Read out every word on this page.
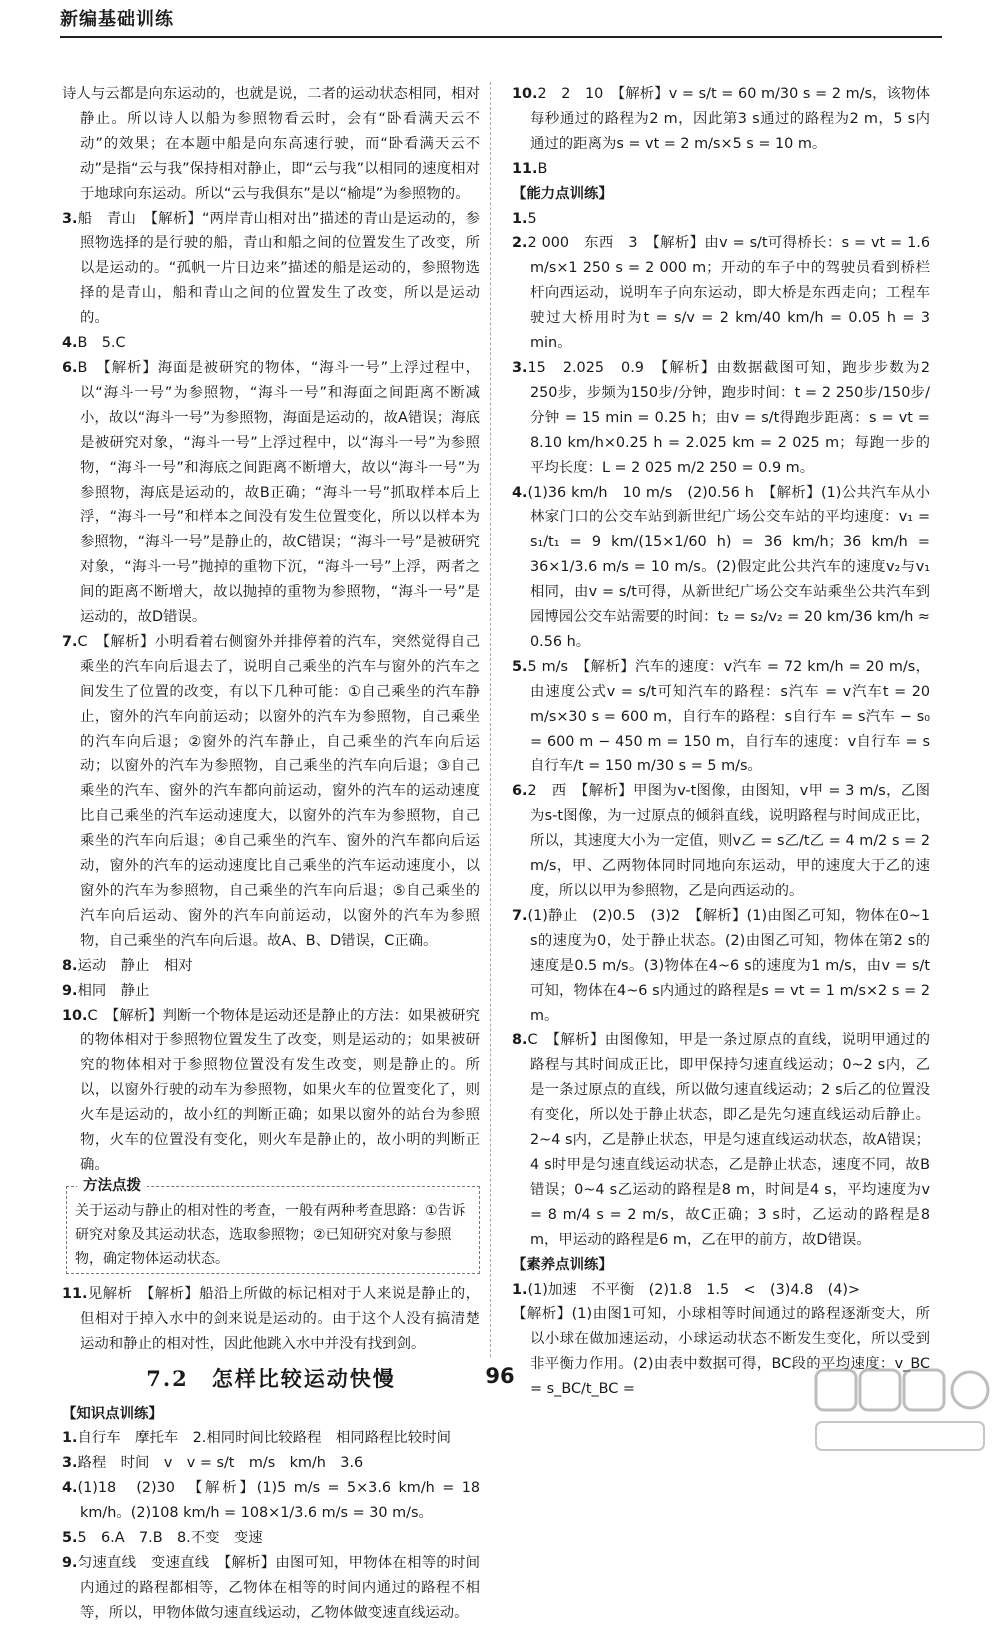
新编基础训练

诗人与云都是向东运动的，也就是说，二者的运动状态相同，相对静止。所以诗人以船为参照物看云时，会有“卧看满天云不动”的效果；在本题中船是向东高速行驶，而“卧看满天云不动”是指“云与我”保持相对静止，即“云与我”以相同的速度相对于地球向东运动。所以“云与我俱东”是以“榆堤”为参照物的。

3.船　青山　【解析】“两岸青山相对出”描述的青山是运动的，参照物选择的是行驶的船，青山和船之间的位置发生了改变，所以是运动的。“孤帆一片日边来”描述的船是运动的，参照物选择的是青山，船和青山之间的位置发生了改变，所以是运动的。

4.B　5.C

6.B　【解析】海面是被研究的物体，“海斗一号”上浮过程中，以“海斗一号”为参照物，“海斗一号”和海面之间距离不断减小，故以“海斗一号”为参照物，海面是运动的，故A错误；海底是被研究对象，“海斗一号”上浮过程中，以“海斗一号”为参照物，“海斗一号”和海底之间距离不断增大，故以“海斗一号”为参照物，海底是运动的，故B正确；“海斗一号”抓取样本后上浮，“海斗一号”和样本之间没有发生位置变化，所以以样本为参照物，“海斗一号”是静止的，故C错误；“海斗一号”是被研究对象，“海斗一号”抛掉的重物下沉，“海斗一号”上浮，两者之间的距离不断增大，故以抛掉的重物为参照物，“海斗一号”是运动的，故D错误。

7.C　【解析】小明看着右侧窗外并排停着的汽车，突然觉得自己乘坐的汽车向后退去了，说明自己乘坐的汽车与窗外的汽车之间发生了位置的改变，有以下几种可能：①自己乘坐的汽车静止，窗外的汽车向前运动；以窗外的汽车为参照物，自己乘坐的汽车向后退；②窗外的汽车静止，自己乘坐的汽车向后运动；以窗外的汽车为参照物，自己乘坐的汽车向后退；③自己乘坐的汽车、窗外的汽车都向前运动，窗外的汽车的运动速度比自己乘坐的汽车运动速度大，以窗外的汽车为参照物，自己乘坐的汽车向后退；④自己乘坐的汽车、窗外的汽车都向后运动，窗外的汽车的运动速度比自己乘坐的汽车运动速度小，以窗外的汽车为参照物，自己乘坐的汽车向后退；⑤自己乘坐的汽车向后运动、窗外的汽车向前运动，以窗外的汽车为参照物，自己乘坐的汽车向后退。故A、B、D错误，C正确。

8.运动　静止　相对

9.相同　静止

10.C　【解析】判断一个物体是运动还是静止的方法：如果被研究的物体相对于参照物位置发生了改变，则是运动的；如果被研究的物体相对于参照物位置没有发生改变，则是静止的。所以，以窗外行驶的动车为参照物，如果火车的位置变化了，则火车是运动的，故小红的判断正确；如果以窗外的站台为参照物，火车的位置没有变化，则火车是静止的，故小明的判断正确。

方法点拨

关于运动与静止的相对性的考查，一般有两种考查思路：①告诉研究对象及其运动状态，选取参照物；②已知研究对象与参照物，确定物体运动状态。

11.见解析　【解析】船沿上所做的标记相对于人来说是静止的，但相对于掉入水中的剑来说是运动的。由于这个人没有搞清楚运动和静止的相对性，因此他跳入水中并没有找到剑。

7.2　怎样比较运动快慢

【知识点训练】

1.自行车　摩托车　2.相同时间比较路程　相同路程比较时间

3.路程　时间　v　v = s/t　m/s　km/h　3.6

4.(1)18　(2)30　【解析】(1)5 m/s = 5×3.6 km/h = 18 km/h。(2)108 km/h = 108×1/3.6 m/s = 30 m/s。

5.5　6.A　7.B　8.不变　变速

9.匀速直线　变速直线　【解析】由图可知，甲物体在相等的时间内通过的路程都相等，乙物体在相等的时间内通过的路程不相等，所以，甲物体做匀速直线运动，乙物体做变速直线运动。

10.2　2　10　【解析】v = s/t = 60 m/30 s = 2 m/s，该物体每秒通过的路程为2 m，因此第3 s通过的路程为2 m，5 s内通过的距离为s = vt = 2 m/s×5 s = 10 m。

11.B

【能力点训练】

1.5

2.2 000　东西　3　【解析】由v = s/t可得桥长：s = vt = 1.6 m/s×1 250 s = 2 000 m；开动的车子中的驾驶员看到桥栏杆向西运动，说明车子向东运动，即大桥是东西走向；工程车驶过大桥用时为t = s/v = 2 km/40 km/h = 0.05 h = 3 min。

3.15　2.025　0.9　【解析】由数据截图可知，跑步步数为2 250步，步频为150步/分钟，跑步时间：t = 2 250步/150步/分钟 = 15 min = 0.25 h；由v = s/t得跑步距离：s = vt = 8.10 km/h×0.25 h = 2.025 km = 2 025 m；每跑一步的平均长度：L = 2 025 m/2 250 = 0.9 m。

4.(1)36 km/h　10 m/s　(2)0.56 h　【解析】(1)公共汽车从小林家门口的公交车站到新世纪广场公交车站的平均速度：v₁ = s₁/t₁ = 9 km/(15×1/60 h) = 36 km/h；36 km/h = 36×1/3.6 m/s = 10 m/s。(2)假定此公共汽车的速度v₂与v₁相同，由v = s/t可得，从新世纪广场公交车站乘坐公共汽车到园博园公交车站需要的时间：t₂ = s₂/v₂ = 20 km/36 km/h ≈ 0.56 h。

5.5 m/s　【解析】汽车的速度：v汽车 = 72 km/h = 20 m/s，由速度公式v = s/t可知汽车的路程：s汽车 = v汽车t = 20 m/s×30 s = 600 m，自行车的路程：s自行车 = s汽车 − s₀ = 600 m − 450 m = 150 m，自行车的速度：v自行车 = s自行车/t = 150 m/30 s = 5 m/s。

6.2　西　【解析】甲图为v-t图像，由图知，v甲 = 3 m/s，乙图为s-t图像，为一过原点的倾斜直线，说明路程与时间成正比，所以，其速度大小为一定值，则v乙 = s乙/t乙 = 4 m/2 s = 2 m/s，甲、乙两物体同时同地向东运动，甲的速度大于乙的速度，所以以甲为参照物，乙是向西运动的。

7.(1)静止　(2)0.5　(3)2　【解析】(1)由图乙可知，物体在0~1 s的速度为0，处于静止状态。(2)由图乙可知，物体在第2 s的速度是0.5 m/s。(3)物体在4~6 s的速度为1 m/s，由v = s/t可知，物体在4~6 s内通过的路程是s = vt = 1 m/s×2 s = 2 m。

8.C　【解析】由图像知，甲是一条过原点的直线，说明甲通过的路程与其时间成正比，即甲保持匀速直线运动；0~2 s内，乙是一条过原点的直线，所以做匀速直线运动；2 s后乙的位置没有变化，所以处于静止状态，即乙是先匀速直线运动后静止。2~4 s内，乙是静止状态，甲是匀速直线运动状态，故A错误；4 s时甲是匀速直线运动状态，乙是静止状态，速度不同，故B错误；0~4 s乙运动的路程是8 m，时间是4 s，平均速度为v = 8 m/4 s = 2 m/s，故C正确；3 s时，乙运动的路程是8 m，甲运动的路程是6 m，乙在甲的前方，故D错误。

【素养点训练】

1.(1)加速　不平衡　(2)1.8　1.5　<　(3)4.8　(4)>

【解析】(1)由图1可知，小球相等时间通过的路程逐渐变大，所以小球在做加速运动，小球运动状态不断发生变化，所以受到非平衡力作用。(2)由表中数据可得，BC段的平均速度：v_BC = s_BC/t_BC =

96
